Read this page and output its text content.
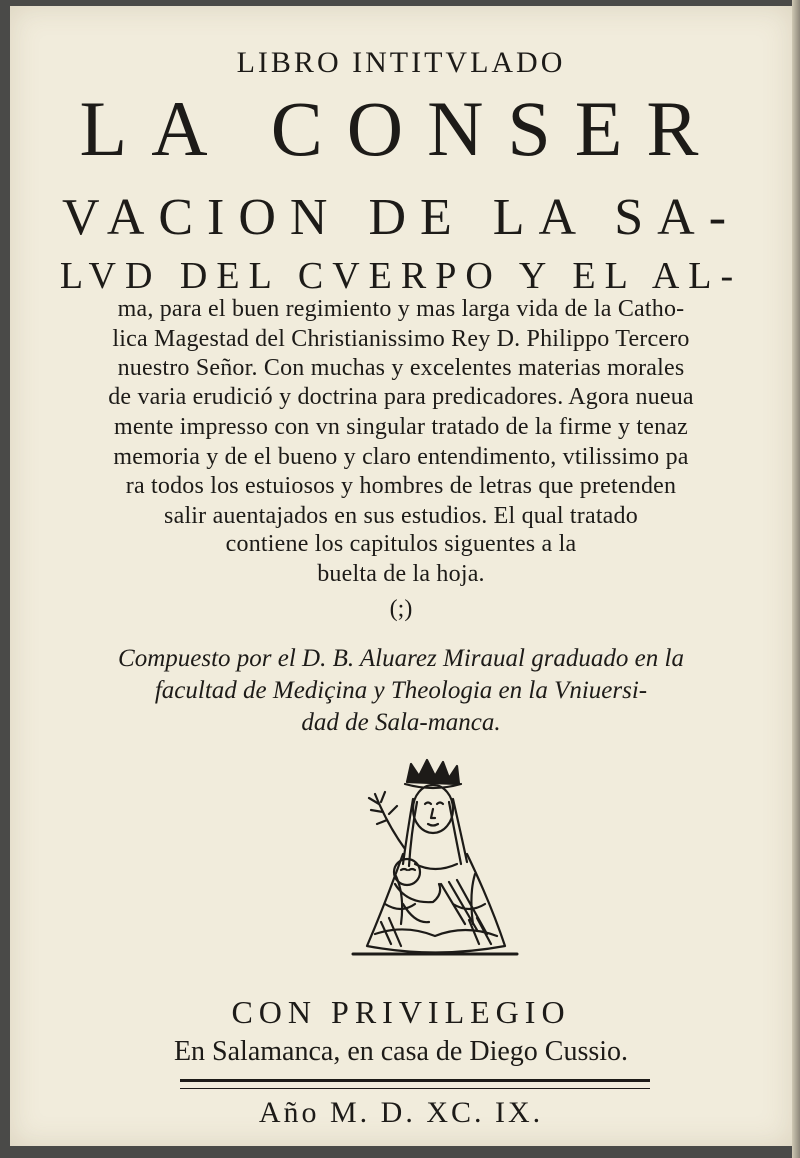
LIBRO INTITVLADO
LA CONSER
VACION DE LA SA-
LVD DEL CVERPO Y EL AL-
ma, para el buen regimiento y mas larga vida de la Catho-
lica Magestad del Christianissimo Rey D. Philippo Tercero
nuestro Señor. Con muchas y excelentes materias morales
de varia erudició y doctrina para predicadores. Agora nueua
mente impresso con vn singular tratado de la firme y tenaz
memoria y de el bueno y claro entendimento, vtilissimo pa
ra todos los estuiosos y hombres de letras que pretenden
salir auentajados en sus estudios. El qual tratado
contiene los capitulos siguentes a la
buelta de la hoja.
(;)
Compuesto por el D. B. Aluarez Miraual graduado en la
facultad de Mediçina y Theologia en la Vniuersi-
dad de Sala-manca.
CON PRIVILEGIO
En Salamanca, en casa de Diego Cussio.
Año M. D. XC. IX.
